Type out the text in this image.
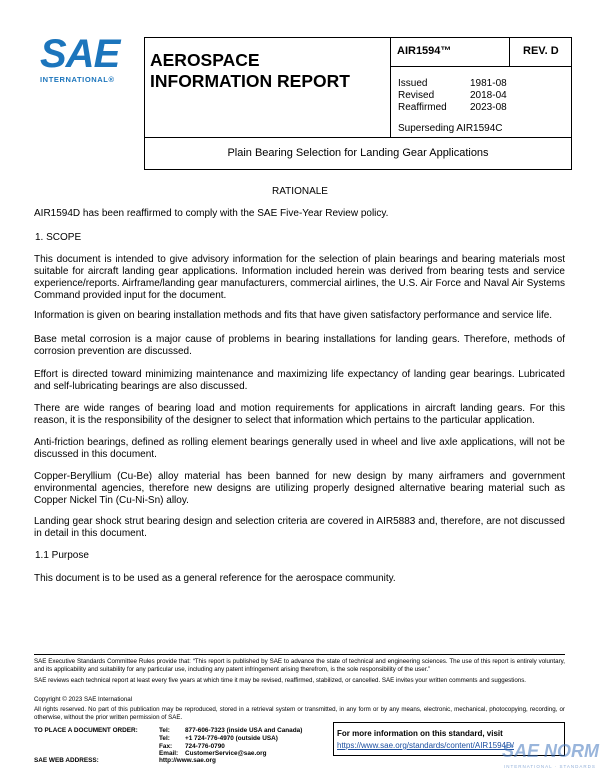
SAE
INTERNATIONAL®
AEROSPACE
INFORMATION REPORT
AIR1594™	REV. D
Issued	1981-08
Revised	2018-04
Reaffirmed	2023-08
Superseding AIR1594C
Plain Bearing Selection for Landing Gear Applications
RATIONALE

AIR1594D has been reaffirmed to comply with the SAE Five-Year Review policy.

1. SCOPE

This document is intended to give advisory information for the selection of plain bearings and bearing materials most suitable for aircraft landing gear applications. Information included herein was derived from bearing tests and service experience/reports. Airframe/landing gear manufacturers, commercial airlines, the U.S. Air Force and Naval Air Systems Command provided input for the document.

Information is given on bearing installation methods and fits that have given satisfactory performance and service life.

Base metal corrosion is a major cause of problems in bearing installations for landing gears. Therefore, methods of corrosion prevention are discussed.

Effort is directed toward minimizing maintenance and maximizing life expectancy of landing gear bearings. Lubricated and self-lubricating bearings are also discussed.

There are wide ranges of bearing load and motion requirements for applications in aircraft landing gears. For this reason, it is the responsibility of the designer to select that information which pertains to the particular application.

Anti-friction bearings, defined as rolling element bearings generally used in wheel and live axle applications, will not be discussed in this document.

Copper-Beryllium (Cu-Be) alloy material has been banned for new design by many airframers and government environmental agencies, therefore new designs are utilizing properly designed alternative bearing material such as Copper Nickel Tin (Cu-Ni-Sn) alloy.

Landing gear shock strut bearing design and selection criteria are covered in AIR5883 and, therefore, are not discussed in detail in this document.

1.1 Purpose

This document is to be used as a general reference for the aerospace community.

SAE Executive Standards Committee Rules provide that: “This report is published by SAE to advance the state of technical and engineering sciences. The use of this report is entirely voluntary, and its applicability and suitability for any particular use, including any patent infringement arising therefrom, is the sole responsibility of the user.”

SAE reviews each technical report at least every five years at which time it may be revised, reaffirmed, stabilized, or cancelled. SAE invites your written comments and suggestions.

Copyright © 2023 SAE International

All rights reserved. No part of this publication may be reproduced, stored in a retrieval system or transmitted, in any form or by any means, electronic, mechanical, photocopying, recording, or otherwise, without the prior written permission of SAE.

TO PLACE A DOCUMENT ORDER:	Tel:	877-606-7323 (inside USA and Canada)
	Tel:	+1 724-776-4970 (outside USA)
	Fax:	724-776-0790
	Email:	CustomerService@sae.org
SAE WEB ADDRESS:	http://www.sae.org
For more information on this standard, visit
https://www.sae.org/standards/content/AIR1594D/
SAE NORM
INTERNATIONAL · STANDARDS
